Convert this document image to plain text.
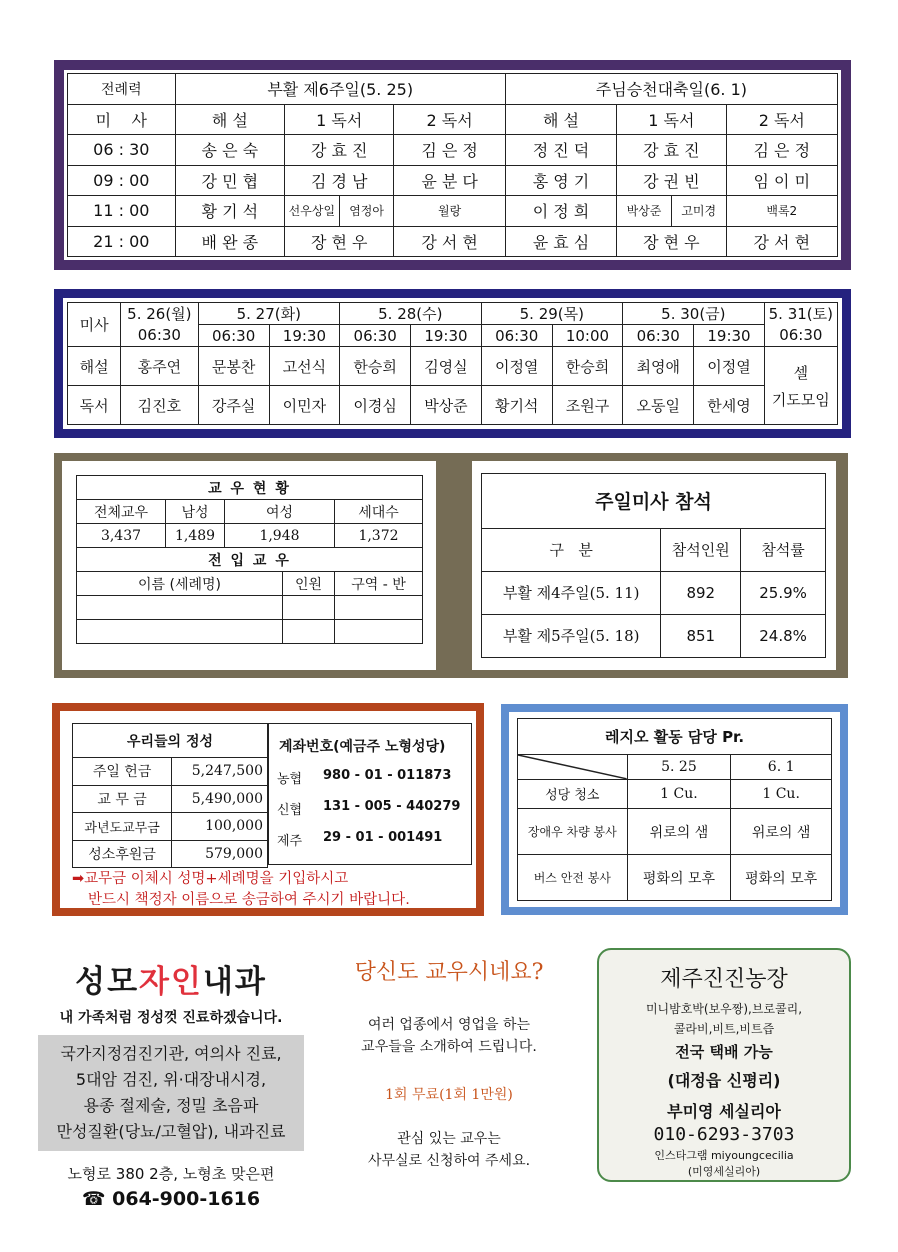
전례력	부활 제6주일(5. 25)				주님승천대축일(6. 1)			
미    사	해 설	1 독서		2 독서	해 설	1 독서		2 독서
06 : 30	송 은 숙	강 효 진		김 은 정	정 진 덕	강 효 진		김 은 정
09 : 00	강 민 협	김 경 남		윤 분 다	홍 영 기	강 권 빈		임 이 미
11 : 00	황 기 석	선우상일	염정아	월랑	이 정 희	박상준	고미경	백록2
21 : 00	배 완 종	장 현 우		강 서 현	윤 효 심	장 현 우		강 서 현
미사	5. 26(월)	5. 27(화)		5. 28(수)		5. 29(목)		5. 30(금)		5. 31(토)
	06:30	06:30	19:30	06:30	19:30	06:30	10:00	06:30	19:30	06:30
해설	홍주연	문봉찬	고선식	한승희	김영실	이정열	한승희	최영애	이정열	셀
기도모임

독서	김진호	강주실	이민자	이경심	박상준	황기석	조원구	오동일	한세영	
교 우 현 황				
전체교우	남성	여성		세대수
3,437	1,489	1,948		1,372
전 입 교 우				
이름 (세례명)			인원	구역 - 반

주일미사 참석		
구   분	참석인원	참석률
부활 제4주일(5. 11)	892	25.9%
부활 제5주일(5. 18)	851	24.8%
우리들의 정성	
주일 헌금	5,247,500
교 무 금	5,490,000
과년도교무금	100,000
성소후원금	579,000
계좌번호(예금주 노형성당)
농협	980 - 01 - 011873
신협	131 - 005 - 440279
제주	29 - 01 - 001491
➡교무금 이체시 성명+세례명을 기입하시고
반드시 책정자 이름으로 송금하여 주시기 바랍니다.
레지오 활동 담당 Pr.		

	5. 25	6. 1
성당 청소	1 Cu.	1 Cu.
장애우 차량 봉사	위로의 샘	위로의 샘
버스 안전 봉사	평화의 모후	평화의 모후
성모자인내과
내 가족처럼 정성껏 진료하겠습니다.
국가지정검진기관, 여의사 진료,
5대암 검진, 위·대장내시경,
용종 절제술, 정밀 초음파
만성질환(당뇨/고혈압), 내과진료
노형로 380 2층, 노형초 맞은편
☎ 064-900-1616
당신도 교우시네요?
여러 업종에서 영업을 하는
교우들을 소개하여 드립니다.
1회 무료(1회 1만원)
관심 있는 교우는
사무실로 신청하여 주세요.
제주진진농장
미니밤호박(보우짱),브로콜리,
콜라비,비트,비트즙
전국 택배 가능
(대정읍 신평리)
부미영 세실리아
010-6293-3703
인스타그램 miyoungcecilia
(미영세실리아)
